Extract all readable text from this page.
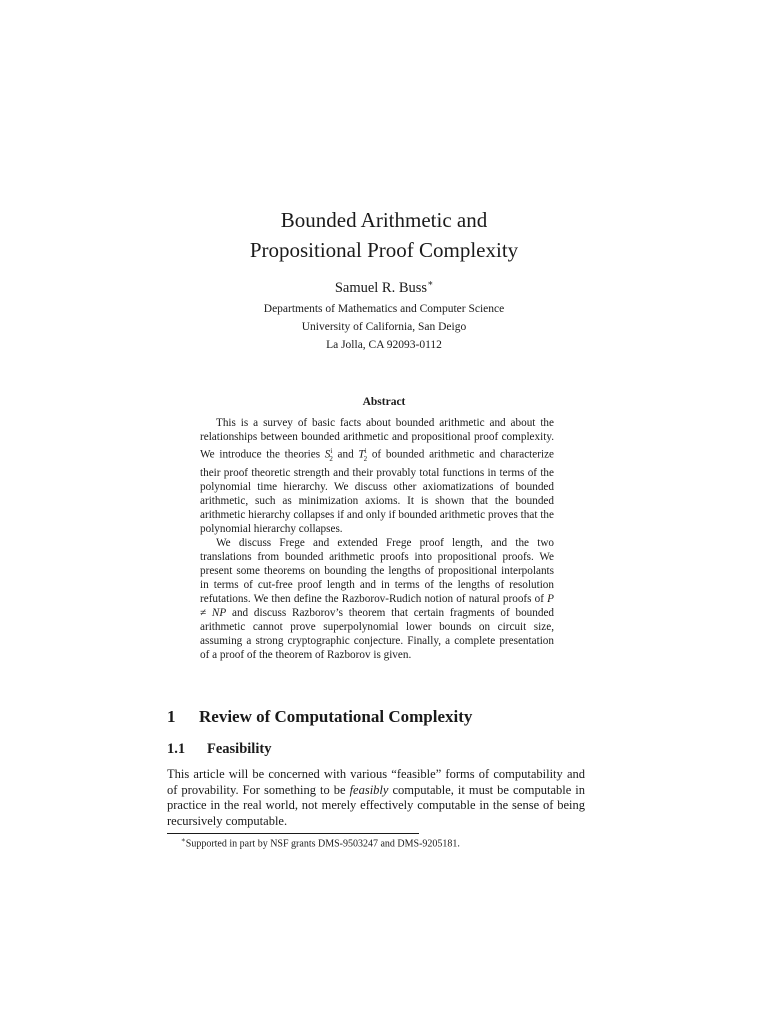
Bounded Arithmetic and
Propositional Proof Complexity
Samuel R. Buss∗
Departments of Mathematics and Computer Science
University of California, San Deigo
La Jolla, CA 92093-0112
Abstract

This is a survey of basic facts about bounded arithmetic and about the relationships between bounded arithmetic and propositional proof complexity. We introduce the theories $S^i_2$ and $T^i_2$ of bounded arithmetic and characterize their proof theoretic strength and their provably total functions in terms of the polynomial time hierarchy. We discuss other axiomatizations of bounded arithmetic, such as minimization axioms. It is shown that the bounded arithmetic hierarchy collapses if and only if bounded arithmetic proves that the polynomial hierarchy collapses.

We discuss Frege and extended Frege proof length, and the two translations from bounded arithmetic proofs into propositional proofs. We present some theorems on bounding the lengths of propositional interpolants in terms of cut-free proof length and in terms of the lengths of resolution refutations. We then define the Razborov-Rudich notion of natural proofs of P ≠ NP and discuss Razborov’s theorem that certain fragments of bounded arithmetic cannot prove superpolynomial lower bounds on circuit size, assuming a strong cryptographic conjecture. Finally, a complete presentation of a proof of the theorem of Razborov is given.

1 Review of Computational Complexity
1.1 Feasibility

This article will be concerned with various “feasible” forms of computability and of provability. For something to be feasibly computable, it must be computable in practice in the real world, not merely effectively computable in the sense of being recursively computable.

∗Supported in part by NSF grants DMS-9503247 and DMS-9205181.
